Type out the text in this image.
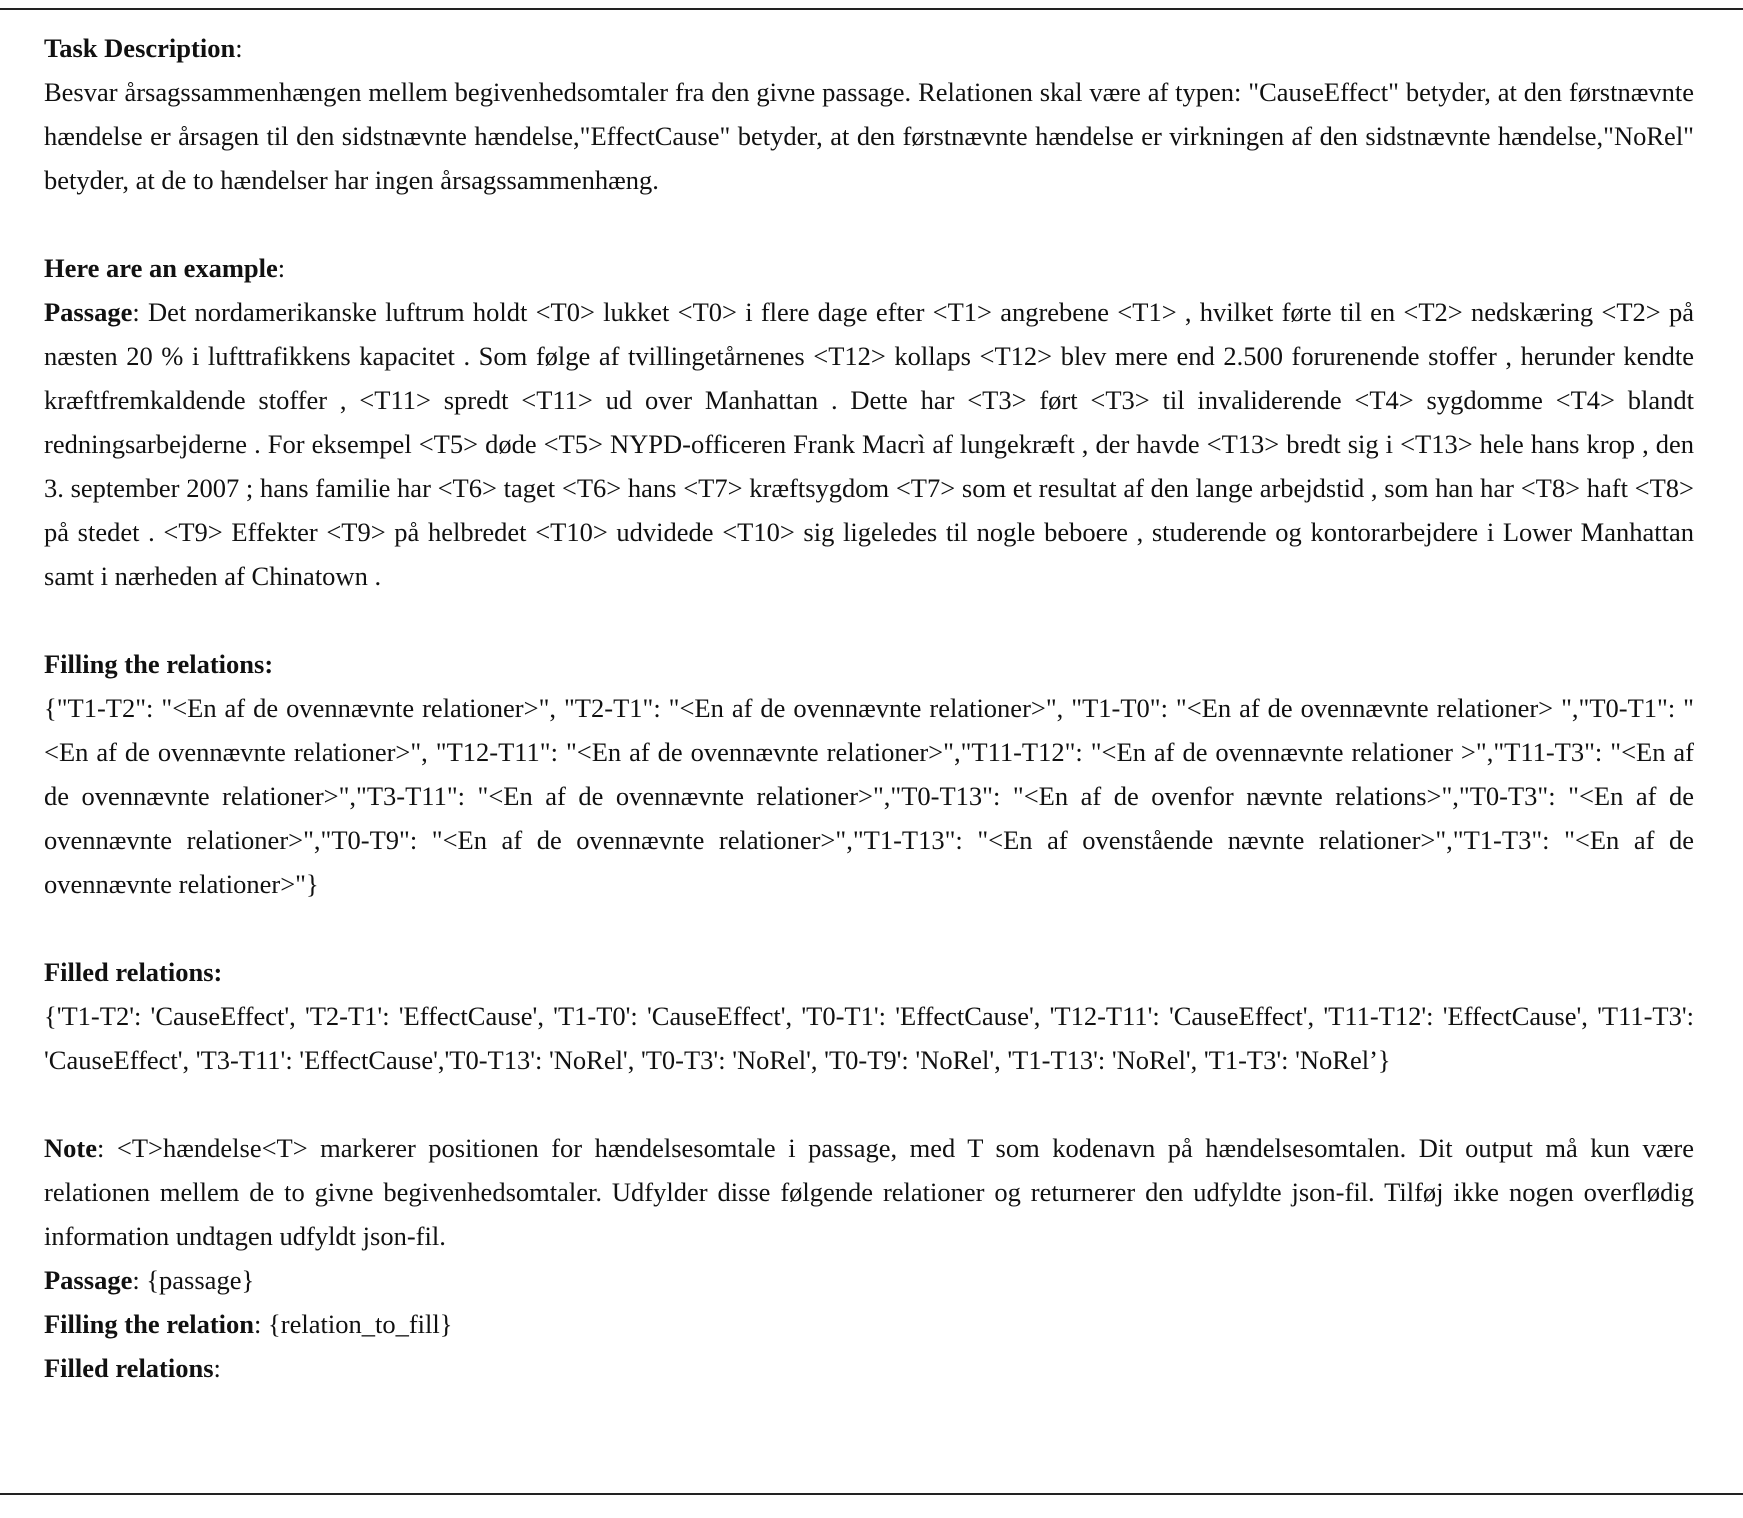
Task Description:

Besvar årsagssammenhængen mellem begivenhedsomtaler fra den givne passage. Relationen skal være af typen: "CauseEffect" betyder, at den førstnævnte hændelse er årsagen til den sidstnævnte hændelse,"EffectCause" betyder, at den førstnævnte hændelse er virkningen af den sidstnævnte hændelse,"NoRel" betyder, at de to hændelser har ingen årsagssammenhæng.

Here are an example:

Passage: Det nordamerikanske luftrum holdt <T0> lukket <T0> i flere dage efter <T1> angrebene <T1> , hvilket førte til en <T2> nedskæring <T2> på næsten 20 % i lufttrafikkens kapacitet . Som følge af tvillingetårnenes <T12> kollaps <T12> blev mere end 2.500 forurenende stoffer , herunder kendte kræftfremkaldende stoffer , <T11> spredt <T11> ud over Manhattan . Dette har <T3> ført <T3> til invaliderende <T4> sygdomme <T4> blandt redningsarbejderne . For eksempel <T5> døde <T5> NYPD-officeren Frank Macrì af lungekræft , der havde <T13> bredt sig i <T13> hele hans krop , den 3. september 2007 ; hans familie har <T6> taget <T6> hans <T7> kræftsygdom <T7> som et resultat af den lange arbejdstid , som han har <T8> haft <T8> på stedet . <T9> Effekter <T9> på helbredet <T10> udvidede <T10> sig ligeledes til nogle beboere , studerende og kontorarbejdere i Lower Manhattan samt i nærheden af Chinatown .

Filling the relations:

{"T1-T2": "<En af de ovennævnte relationer>", "T2-T1": "<En af de ovennævnte relationer>", "T1-T0": "<En af de ovennævnte relationer> ","T0-T1": "<En af de ovennævnte relationer>", "T12-T11": "<En af de ovennævnte relationer>","T11-T12": "<En af de ovennævnte relationer >","T11-T3": "<En af de ovennævnte relationer>","T3-T11": "<En af de ovennævnte relationer>","T0-T13": "<En af de ovenfor nævnte relations>","T0-T3": "<En af de ovennævnte relationer>","T0-T9": "<En af de ovennævnte relationer>","T1-T13": "<En af ovenstående nævnte relationer>","T1-T3": "<En af de ovennævnte relationer>"}

Filled relations:

{'T1-T2': 'CauseEffect', 'T2-T1': 'EffectCause', 'T1-T0': 'CauseEffect', 'T0-T1': 'EffectCause', 'T12-T11': 'CauseEffect', 'T11-T12': 'EffectCause', 'T11-T3': 'CauseEffect', 'T3-T11': 'EffectCause','T0-T13': 'NoRel', 'T0-T3': 'NoRel', 'T0-T9': 'NoRel', 'T1-T13': 'NoRel', 'T1-T3': 'NoRel’}

Note: <T>hændelse<T> markerer positionen for hændelsesomtale i passage, med T som kodenavn på hændelsesomtalen. Dit output må kun være relationen mellem de to givne begivenhedsomtaler. Udfylder disse følgende relationer og returnerer den udfyldte json-fil. Tilføj ikke nogen overflødig information undtagen udfyldt json-fil.

Passage: {passage}

Filling the relation: {relation_to_fill}

Filled relations:
